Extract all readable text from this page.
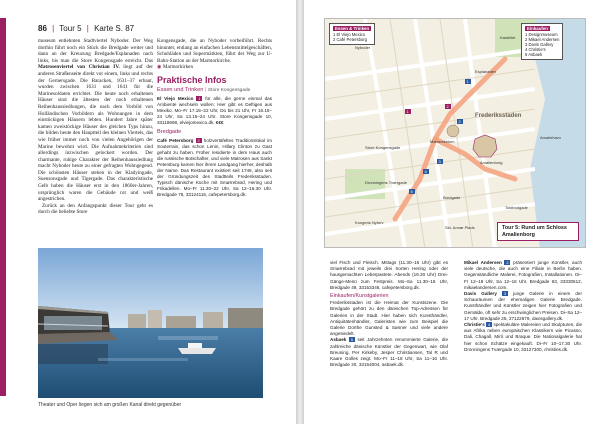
86 | Tour 5 | Karte S. 87

museum entlehnten Stadtviertel Nyboder. Der Weg dorthin führt noch ein Stück die Bredgade weiter und dann an der Kreuzung Bredgade/Esplanaden nach links, bis man die Store Kongensgade erreicht. Das Matrosenviertel von Christian IV. liegt auf der anderen Straßenseite direkt vor einem, links und rechts der Gernersgade. Die Baracken, 1631–37 erbaut, wurden zwischen 1631 und 1641 für die Marinesoldaten errichtet. Die heute noch erhaltenen Häuser sind die ältesten der noch erhaltenen Reihenhaussiedlungen, die nach dem Vorbild von Holländischen Vorbildern als Wohnungen in dem einstöckigen Häusern lebten. Hundert Jahre später kamen zweistöckige Häuser des gleichen Typs hinzu, die bilden heute den Hauptteil des kleinen Viertels, das wie früher immer noch von vielen Angehörigen der Marine bewohnt wird. Die Aufnahmekriterien sind allerdings inzwischen gelockert worden. Der charmante, ruhige Charakter der Reihenhaussiedlung macht Nyboder heute zu einer gefragten Wohngegend. Die schönsten Häuser stehen in der Kladyingade, Suensonsgade und Tigergade. Das charakteristische Gelb haben die Häuser erst in den 1860er-Jahren, ursprünglich waren die Gebäude rot und weiß angestrichen.

Zurück an den Anfangspunkt dieser Tour geht es durch die beliebte Store

Kongensgade, die an Nyboder vorbeiführt. Rechts hinunter, entlang an einfachen Lebensmittelgeschäften, Schuhläden und Supermärkten, führt der Weg zur U-Bahn-Station an der Marmorkirche.

◉ Marmorkirken

Praktische Infos
Essen und Trinken | Store Kongensgade
El Viejo Mexico 1 für alle, die gerne einmal das Ambiente wechseln wollen: Hier gibt es Deftiges aus Mexiko. Mo–Fr 17.15–22 Uhr, Do bis 21 Uhr, Fr 16.15–24 Uhr, Sa 13.15–24 Uhr. Store Kongensgade 10, 33118668, elviejomexico.dk. €€€
Bredgade
Café Petersborg 2 holzvertäfeltes Traditionslokal im Souterrain, das schon Lenin, Hillary Clinton zu Gast gehabt zu haben. Früher residierte in dem Haus auch die russische Botschafter, und viele Matrosen aus Sankt Petersburg kamen hier ihrem Landgang hierher, deshalb der Name. Das Restaurant existiert seit 1746, also seit der Gründungszeit des Stadtteils Frederiksstaden. Typisch dänische Küche mit Smørrebrød, Hering und Frikadellen. Mo–Fr 11.30–22 Uhr, Sa 12–16.30 Uhr. Bredgade 76, 33124116, cafepetersborg.dk.
Theater und Oper liegen sich am großen Kanal direkt gegenüber
1
2
1
2
3
4
5
Nyboder
Marmorkirken
Amaliehavn
Frederiksstaden
Amalienborg
Bredgade
Store Kongensgade
Esplanaden
Kongens Nytorv
Kastellet
Toldbodgade
Skt. Annæ Plads
Dronningens Tværgade
Essen & Trinken
1 El Viejo Mexico
2 Café Petersborg
Einkaufen
1 Designmuseum
2 Mikael Andersen
3 Davis Gallery
4 Christie's
5 Asbaek
Tour 5: Rund um Schloss Amalienborg

viel Fisch und Fleisch. Mittags (11.30–16 Uhr) gibt es Smørrebrød mit jeweils drei Sorten Hering oder der hausgemachten Leberpastete. Abends (19.30 Uhr) Drei-Gänge-Menü zum Festpreis. Mo–Sa 11.30–16 Uhr, Bredgade 49, 33153346, cafepetersborg.dk.

Einkaufen/Kunstgalerien

Frederiksstaden ist die Heimat der Kunstszene. Die Bredgade gehört zu den dänischen Top-Adressen für Galerien in der Stadt. Hier haben sich Kunsthändler, Antiquitätenhändler, Galeristen wie zum Beispiel die Galerie Dorthe Gunsted & Sønner und viele andere angesiedelt.

Asbaek 5 seit Jahrzehnten renommierte Galerie, die zahlreiche dänische Künstler der Gegenwart, wie Olaf Breuning, Per Kirkeby, Jesper Christiansen, Tal R und Kaare Golles zeigt. Mo–Fr 11–18 Uhr, Sa 11–16 Uhr. Bredgade 20, 33154004, asbaek.dk.

Mikael Andersen 2 präsentiert junge Künstler, auch viele deutsche, die auch eine Filiale in Berlin haben. Gegenständliche Malerei, Fotografien, Installationen. Di–Fr 12–18 Uhr, Sa 12–16 Uhr. Bredgade 63, 33330512, mikaelandersen.com.

Davis Gallery 3 junge Galerie in einem der Schauräumen der ehemaligen Galerie Bredgade. Kunsthändler und Künstler zeigen hier Fotografien und Gemälde, oft sehr zu erschwinglichen Preisen. Di–Sa 12–17 Uhr. Bredgade 25, 27122679, davisgallery.dk.

Christie's 4 spektakuläre Malereien und Skulpturen, die aus Afrika neben europäischen Klassikern wie Picasso, Dali, Chagall, Miró und Braque. Die Nationalgalerie hat hier schon Schätze eingekauft. Di–Fr 10–17.30 Uhr. Dronningens Tværgade 10, 33127300, christies.dk.
